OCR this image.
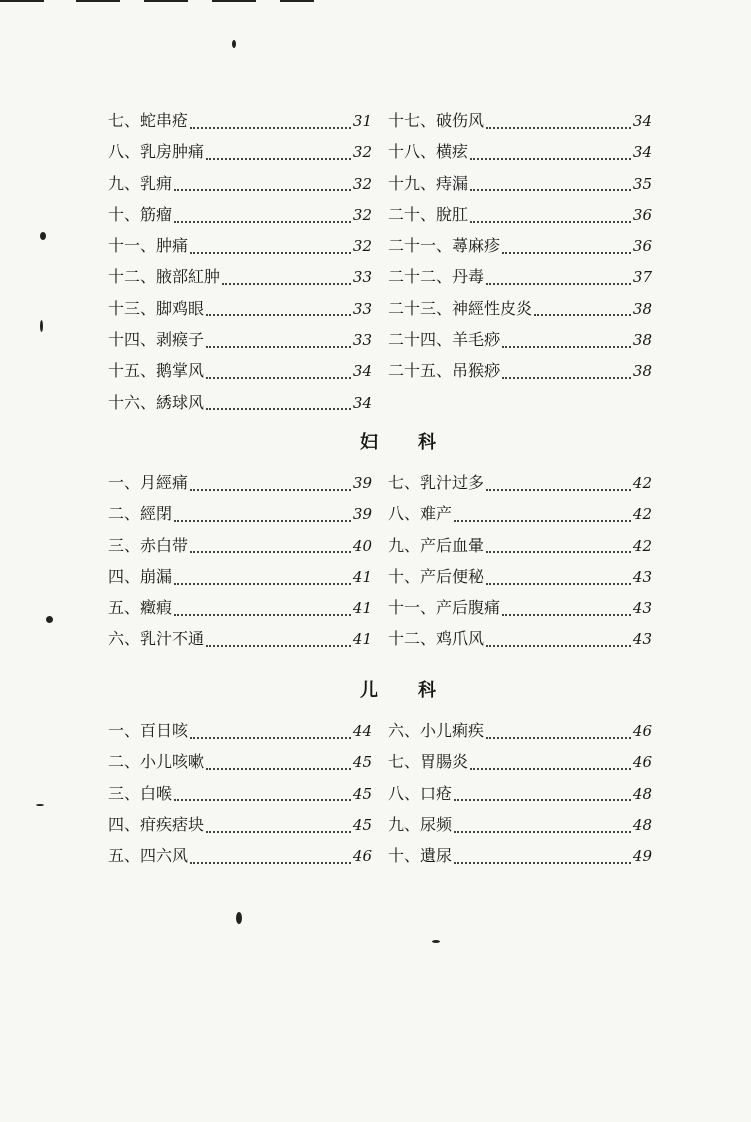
七、蛇串疮	31
八、乳房肿痛	32
九、乳痈	32
十、筋瘤	32
十一、肿痛	32
十二、腋部紅肿	33
十三、脚鸡眼	33
十四、剥瘊子	33
十五、鹅掌风	34
十六、綉球风	34
十七、破伤风	34
十八、横痃	34
十九、痔漏	35
二十、脫肛	36
二十一、蕁麻疹	36
二十二、丹毒	37
二十三、神經性皮炎	38
二十四、羊毛痧	38
二十五、吊猴痧	38
妇科
一、月經痛	39
二、經閉	39
三、赤白带	40
四、崩漏	41
五、癥瘕	41
六、乳汁不通	41
七、乳汁过多	42
八、难产	42
九、产后血暈	42
十、产后便秘	43
十一、产后腹痛	43
十二、鸡爪风	43
儿科
一、百日咳	44
二、小儿咳嗽	45
三、白喉	45
四、疳疾痞块	45
五、四六风	46
六、小儿痢疾	46
七、胃腸炎	46
八、口疮	48
九、尿频	48
十、遺尿	49
